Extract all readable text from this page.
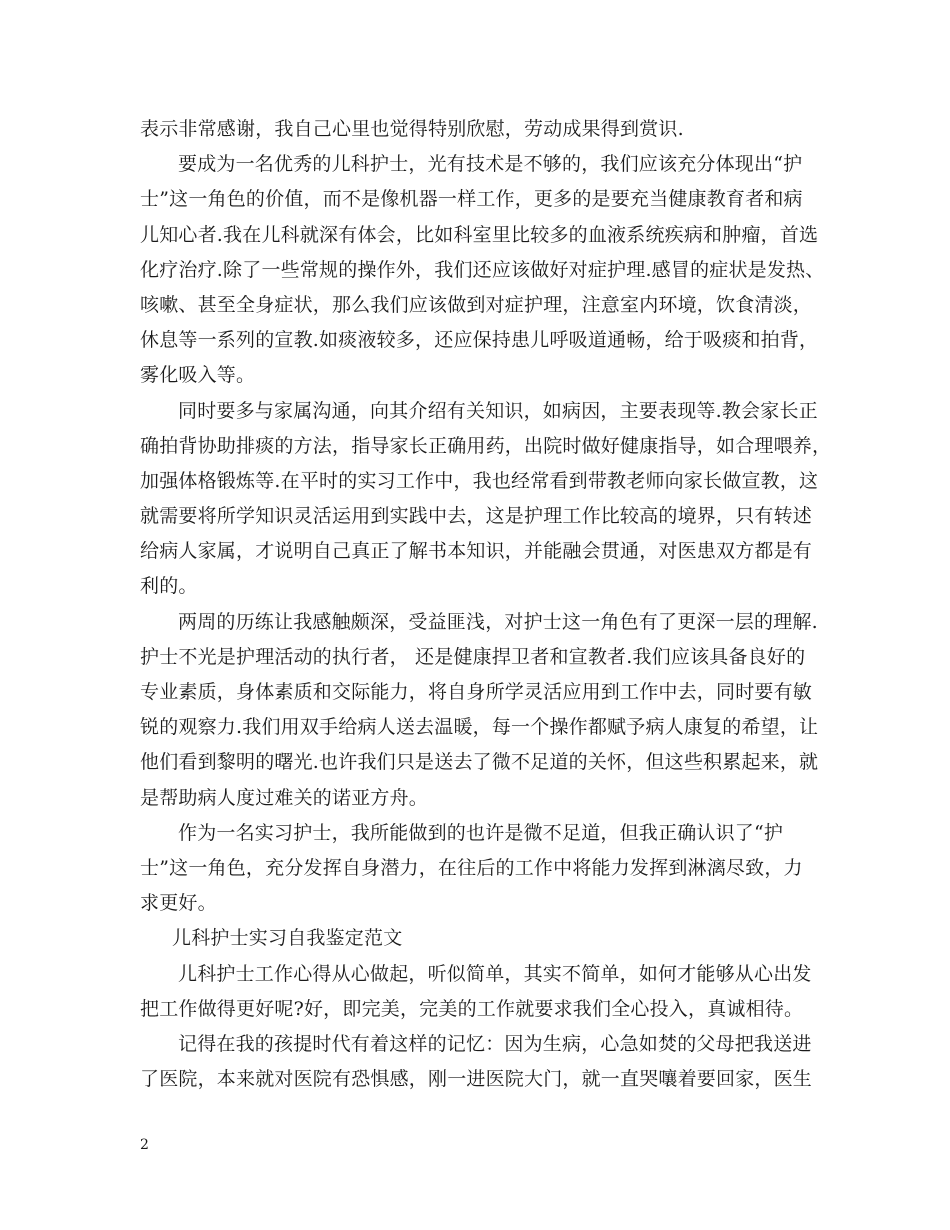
表示非常感谢，我自己心里也觉得特别欣慰，劳动成果得到赏识.
要成为一名优秀的儿科护士，光有技术是不够的，我们应该充分体现出“护
士”这一角色的价值，而不是像机器一样工作，更多的是要充当健康教育者和病
儿知心者.我在儿科就深有体会，比如科室里比较多的血液系统疾病和肿瘤，首选
化疗治疗.除了一些常规的操作外，我们还应该做好对症护理.感冒的症状是发热、
咳嗽、甚至全身症状，那么我们应该做到对症护理，注意室内环境，饮食清淡，
休息等一系列的宣教.如痰液较多，还应保持患儿呼吸道通畅，给于吸痰和拍背，
雾化吸入等。
同时要多与家属沟通，向其介绍有关知识，如病因，主要表现等.教会家长正
确拍背协助排痰的方法，指导家长正确用药，出院时做好健康指导，如合理喂养，
加强体格锻炼等.在平时的实习工作中，我也经常看到带教老师向家长做宣教，这
就需要将所学知识灵活运用到实践中去，这是护理工作比较高的境界，只有转述
给病人家属，才说明自己真正了解书本知识，并能融会贯通，对医患双方都是有
利的。
两周的历练让我感触颇深，受益匪浅，对护士这一角色有了更深一层的理解.
护士不光是护理活动的执行者， 还是健康捍卫者和宣教者.我们应该具备良好的
专业素质，身体素质和交际能力，将自身所学灵活应用到工作中去，同时要有敏
锐的观察力.我们用双手给病人送去温暖，每一个操作都赋予病人康复的希望，让
他们看到黎明的曙光.也许我们只是送去了微不足道的关怀，但这些积累起来，就
是帮助病人度过难关的诺亚方舟。
作为一名实习护士，我所能做到的也许是微不足道，但我正确认识了“护
士”这一角色，充分发挥自身潜力，在往后的工作中将能力发挥到淋漓尽致，力
求更好。
儿科护士实习自我鉴定范文
儿科护士工作心得从心做起，听似简单，其实不简单，如何才能够从心出发
把工作做得更好呢?好，即完美，完美的工作就要求我们全心投入，真诚相待。
记得在我的孩提时代有着这样的记忆：因为生病，心急如焚的父母把我送进
了医院，本来就对医院有恐惧感，刚一进医院大门，就一直哭嚷着要回家，医生
2
